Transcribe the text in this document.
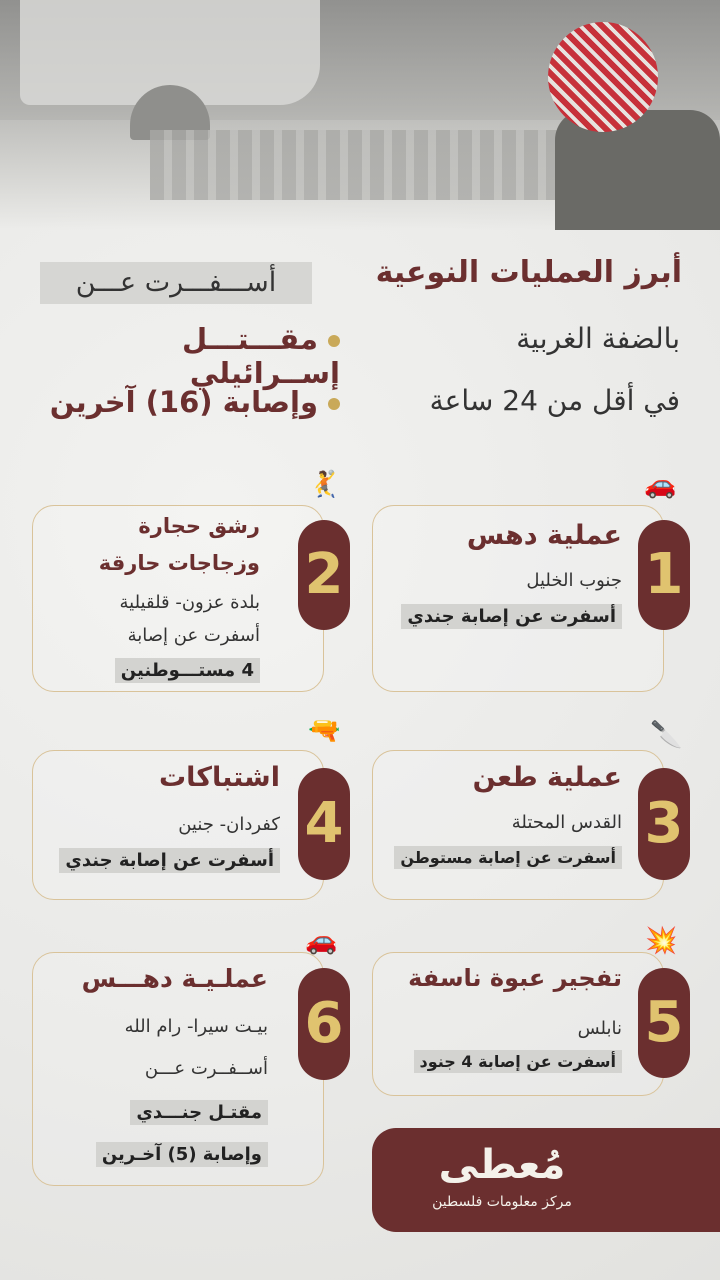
أبرز العمليات النوعية
بالضفة الغربية
في أقل من 24 ساعة
أســـفـــرت عـــن
مقـــتـــل إســرائيلي
وإصابة (16) آخرين
1
🚗
عملية دهس
جنوب الخليل
أسفرت عن إصابة جندي
2
🤾
رشق حجارة
وزجاجات حارقة
بلدة عزون- قلقيلية
أسفرت عن إصابة
4 مستـــوطنين
3
🔪
عملية طعن
القدس المحتلة
أسفرت عن إصابة مستوطن
4
🔫
اشتباكات
كفردان- جنين
أسفرت عن إصابة جندي
5
💥
تفجير عبوة ناسفة
نابلس
أسفرت عن إصابة 4 جنود
6
🚗
عملـيـة دهـــس
بيـت سيرا- رام الله
أســفــرت عـــن
مقتـل جنـــدي
وإصابة (5) آخـرين	مُعطى
مركز معلومات فلسطين
